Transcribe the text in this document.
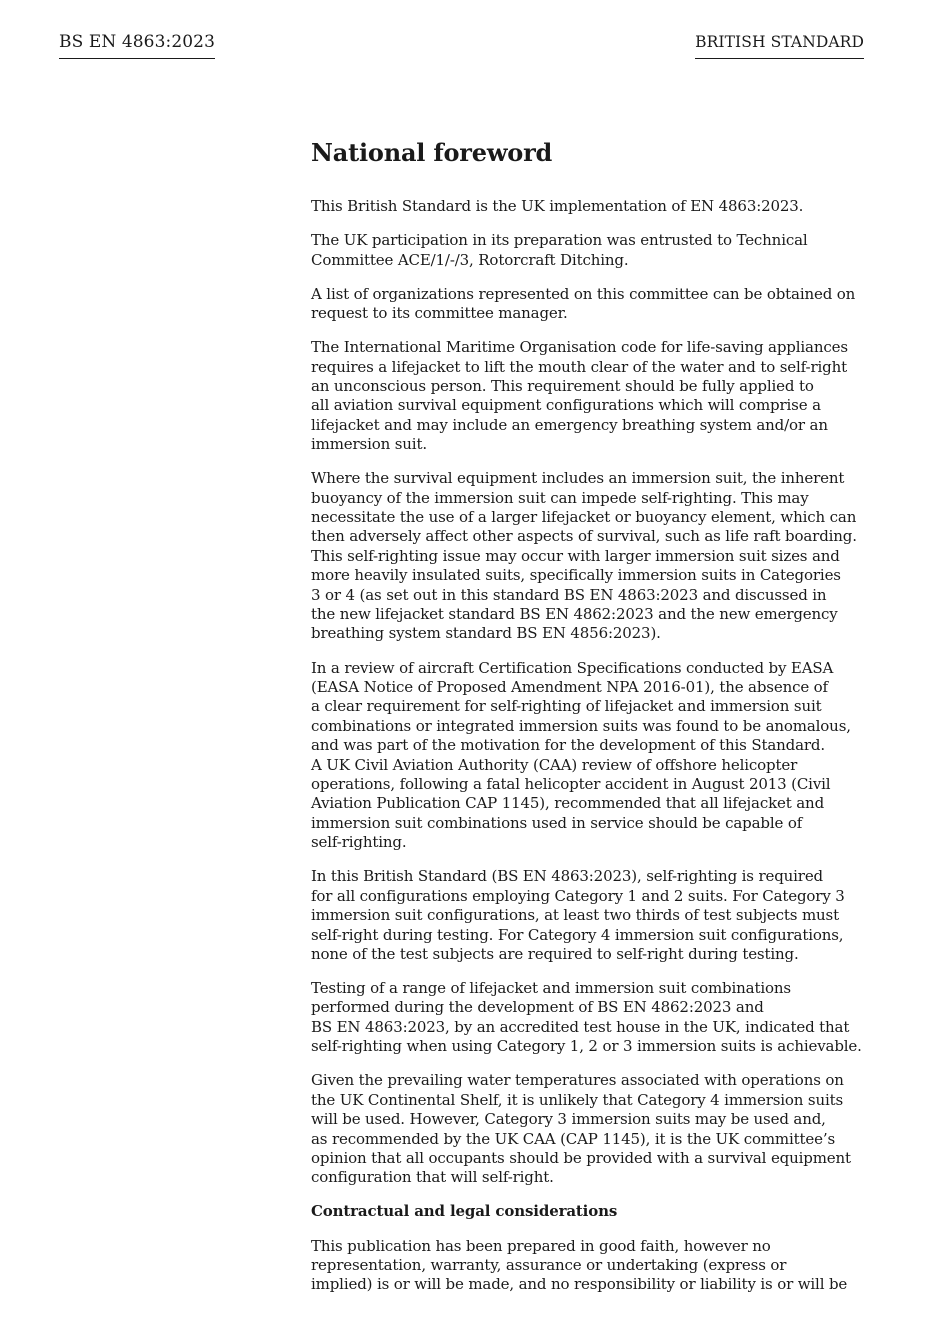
BS EN 4863:2023	BRITISH STANDARD
National foreword

This British Standard is the UK implementation of EN 4863:2023.

The UK participation in its preparation was entrusted to Technical
Committee ACE/1/-/3, Rotorcraft Ditching.

A list of organizations represented on this committee can be obtained on
request to its committee manager.

The International Maritime Organisation code for life-saving appliances
requires a lifejacket to lift the mouth clear of the water and to self-right
an unconscious person. This requirement should be fully applied to
all aviation survival equipment configurations which will comprise a
lifejacket and may include an emergency breathing system and/or an
immersion suit.

Where the survival equipment includes an immersion suit, the inherent
buoyancy of the immersion suit can impede self-righting. This may
necessitate the use of a larger lifejacket or buoyancy element, which can
then adversely affect other aspects of survival, such as life raft boarding.
This self-righting issue may occur with larger immersion suit sizes and
more heavily insulated suits, specifically immersion suits in Categories
3 or 4 (as set out in this standard BS EN 4863:2023 and discussed in
the new lifejacket standard BS EN 4862:2023 and the new emergency
breathing system standard BS EN 4856:2023).

In a review of aircraft Certification Specifications conducted by EASA
(EASA Notice of Proposed Amendment NPA 2016-01), the absence of
a clear requirement for self-righting of lifejacket and immersion suit
combinations or integrated immersion suits was found to be anomalous,
and was part of the motivation for the development of this Standard.
A UK Civil Aviation Authority (CAA) review of offshore helicopter
operations, following a fatal helicopter accident in August 2013 (Civil
Aviation Publication CAP 1145), recommended that all lifejacket and
immersion suit combinations used in service should be capable of
self-righting.

In this British Standard (BS EN 4863:2023), self-righting is required
for all configurations employing Category 1 and 2 suits. For Category 3
immersion suit configurations, at least two thirds of test subjects must
self-right during testing. For Category 4 immersion suit configurations,
none of the test subjects are required to self-right during testing.

Testing of a range of lifejacket and immersion suit combinations
performed during the development of BS EN 4862:2023 and
BS EN 4863:2023, by an accredited test house in the UK, indicated that
self-righting when using Category 1, 2 or 3 immersion suits is achievable.

Given the prevailing water temperatures associated with operations on
the UK Continental Shelf, it is unlikely that Category 4 immersion suits
will be used. However, Category 3 immersion suits may be used and,
as recommended by the UK CAA (CAP 1145), it is the UK committee’s
opinion that all occupants should be provided with a survival equipment
configuration that will self-right.

Contractual and legal considerations

This publication has been prepared in good faith, however no
representation, warranty, assurance or undertaking (express or
implied) is or will be made, and no responsibility or liability is or will be
